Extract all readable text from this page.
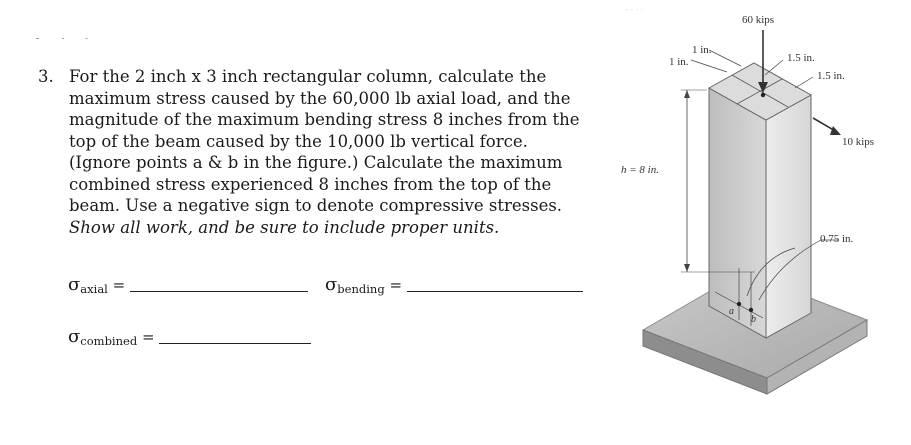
3. For the 2 inch x 3 inch rectangular column, calculate the maximum stress caused by the 60,000 lb axial load, and the magnitude of the maximum bending stress 8 inches from the top of the beam caused by the 10,000 lb vertical force. (Ignore points a & b in the figure.) Calculate the maximum combined stress experienced 8 inches from the top of the beam. Use a negative sign to denote compressive stresses. Show all work, and be sure to include proper units.
$\sigma_{axial}$ =	$\sigma_{bending}$ =
$\sigma_{combined}$ =
- - - -
60 kips
1 in.
1 in.	1.5 in.
1.5 in.
10 kips
h = 8 in.
0.75 in.
a
b
